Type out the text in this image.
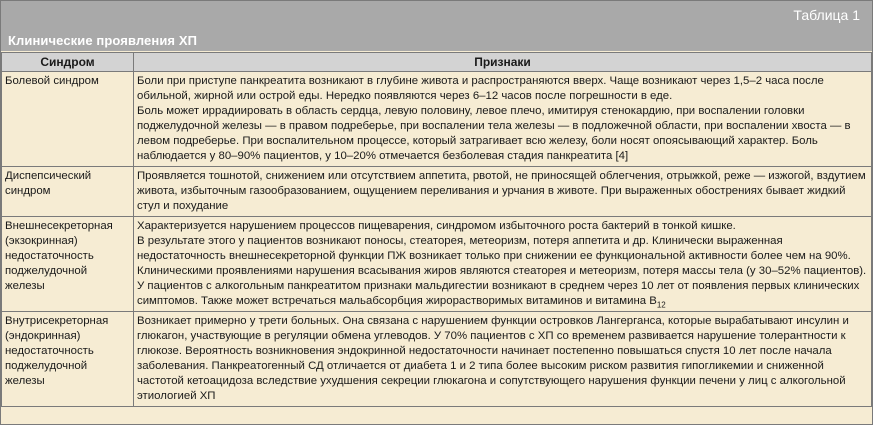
Таблица 1
Клинические проявления ХП
Синдром	Признаки
Болевой синдром	Боли при приступе панкреатита возникают в глубине живота и распространяются вверх. Чаще возникают через 1,5–2 часа после обильной, жирной или острой еды. Нередко появляются через 6–12 часов после погрешности в еде.

Боль может иррадиировать в область сердца, левую половину, левое плечо, имитируя стенокардию, при воспалении головки поджелудочной железы — в правом подреберье, при воспалении тела железы — в подложечной области, при воспалении хвоста — в левом подреберье. При воспалительном процессе, который затрагивает всю железу, боли носят опоясывающий характер. Боль наблюдается у 80–90% пациентов, у 10–20% отмечается безболевая стадия панкреатита [4]

Диспепсический синдром	Проявляется тошнотой, снижением или отсутствием аппетита, рвотой, не приносящей облегчения, отрыжкой, реже — изжогой, вздутием живота, избыточным газообразованием, ощущением переливания и урчания в животе. При выраженных обострениях бывает жидкий стул и похудание

Внешнесекреторная (экзокринная) недостаточность поджелудочной железы	Характеризуется нарушением процессов пищеварения, синдромом избыточного роста бактерий в тонкой кишке.

В результате этого у пациентов возникают поносы, стеаторея, метеоризм, потеря аппетита и др. Клинически выраженная недостаточность внешнесекреторной функции ПЖ возникает только при снижении ее функциональной активности более чем на 90%. Клиническими проявлениями нарушения всасывания жиров являются стеаторея и метеоризм, потеря массы тела (у 30–52% пациентов). У пациентов с алкогольным панкреатитом признаки мальдигестии возникают в среднем через 10 лет от появления первых клинических симптомов. Также может встречаться мальабсорбция жирорастворимых витаминов и витамина $B_{12}$

Внутрисекреторная (эндокринная) недостаточность поджелудочной железы	Возникает примерно у трети больных. Она связана с нарушением функции островков Лангерганса, которые вырабатывают инсулин и глюкагон, участвующие в регуляции обмена углеводов. У 70% пациентов с ХП со временем развивается нарушение толерантности к глюкозе. Вероятность возникновения эндокринной недостаточности начинает постепенно повышаться спустя 10 лет после начала заболевания. Панкреатогенный СД отличается от диабета 1 и 2 типа более высоким риском развития гипогликемии и сниженной частотой кетоацидоза вследствие ухудшения секреции глюкагона и сопутствующего нарушения функции печени у лиц с алкогольной этиологией ХП
